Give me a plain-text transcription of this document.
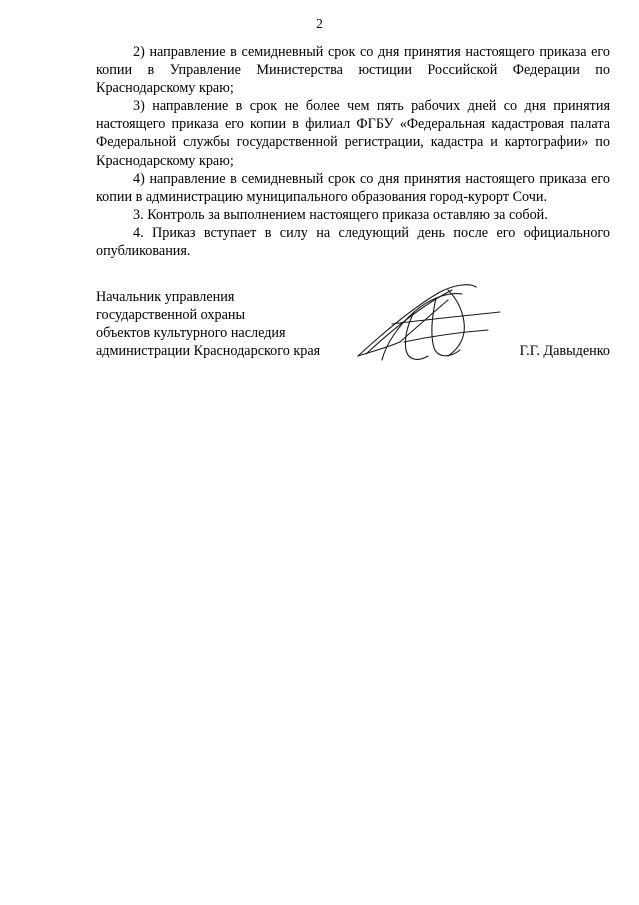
2

2) направление в семидневный срок со дня принятия настоящего приказа его копии в Управление Министерства юстиции Российской Федерации по Краснодарскому краю;

3) направление в срок не более чем пять рабочих дней со дня принятия настоящего приказа его копии в филиал ФГБУ «Федеральная кадастровая палата Федеральной службы государственной регистрации, кадастра и картографии» по Краснодарскому краю;

4) направление в семидневный срок со дня принятия настоящего приказа его копии в администрацию муниципального образования город-курорт Сочи.

3. Контроль за выполнением настоящего приказа оставляю за собой.

4. Приказ вступает в силу на следующий день после его официального опубликования.

Начальник управления
государственной охраны
объектов культурного наследия
администрации Краснодарского края	Г.Г. Давыденко
